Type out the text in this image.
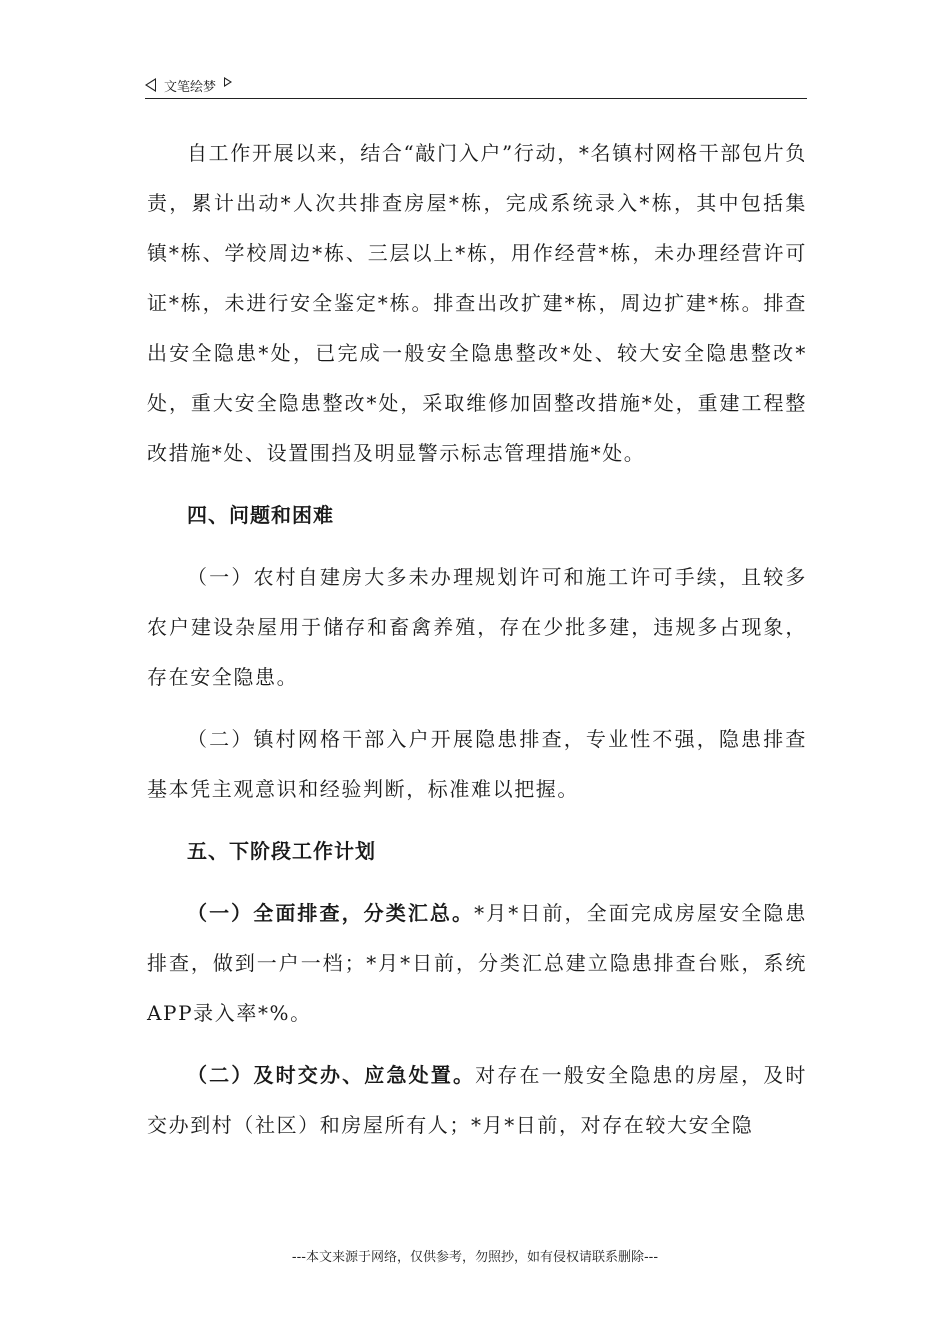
文笔绘梦

自工作开展以来，结合“敲门入户”行动，*名镇村网格干部包片负责，累计出动*人次共排查房屋*栋，完成系统录入*栋，其中包括集镇*栋、学校周边*栋、三层以上*栋，用作经营*栋，未办理经营许可证*栋，未进行安全鉴定*栋。排查出改扩建*栋，周边扩建*栋。排查出安全隐患*处，已完成一般安全隐患整改*处、较大安全隐患整改*处，重大安全隐患整改*处，采取维修加固整改措施*处，重建工程整改措施*处、设置围挡及明显警示标志管理措施*处。

四、问题和困难

（一）农村自建房大多未办理规划许可和施工许可手续，且较多农户建设杂屋用于储存和畜禽养殖，存在少批多建，违规多占现象，存在安全隐患。

（二）镇村网格干部入户开展隐患排查，专业性不强，隐患排查基本凭主观意识和经验判断，标准难以把握。

五、下阶段工作计划

（一）全面排查，分类汇总。*月*日前，全面完成房屋安全隐患排查，做到一户一档；*月*日前，分类汇总建立隐患排查台账，系统APP录入率*%。

（二）及时交办、应急处置。对存在一般安全隐患的房屋，及时交办到村（社区）和房屋所有人；*月*日前，对存在较大安全隐

---本文来源于网络，仅供参考，勿照抄，如有侵权请联系删除---
